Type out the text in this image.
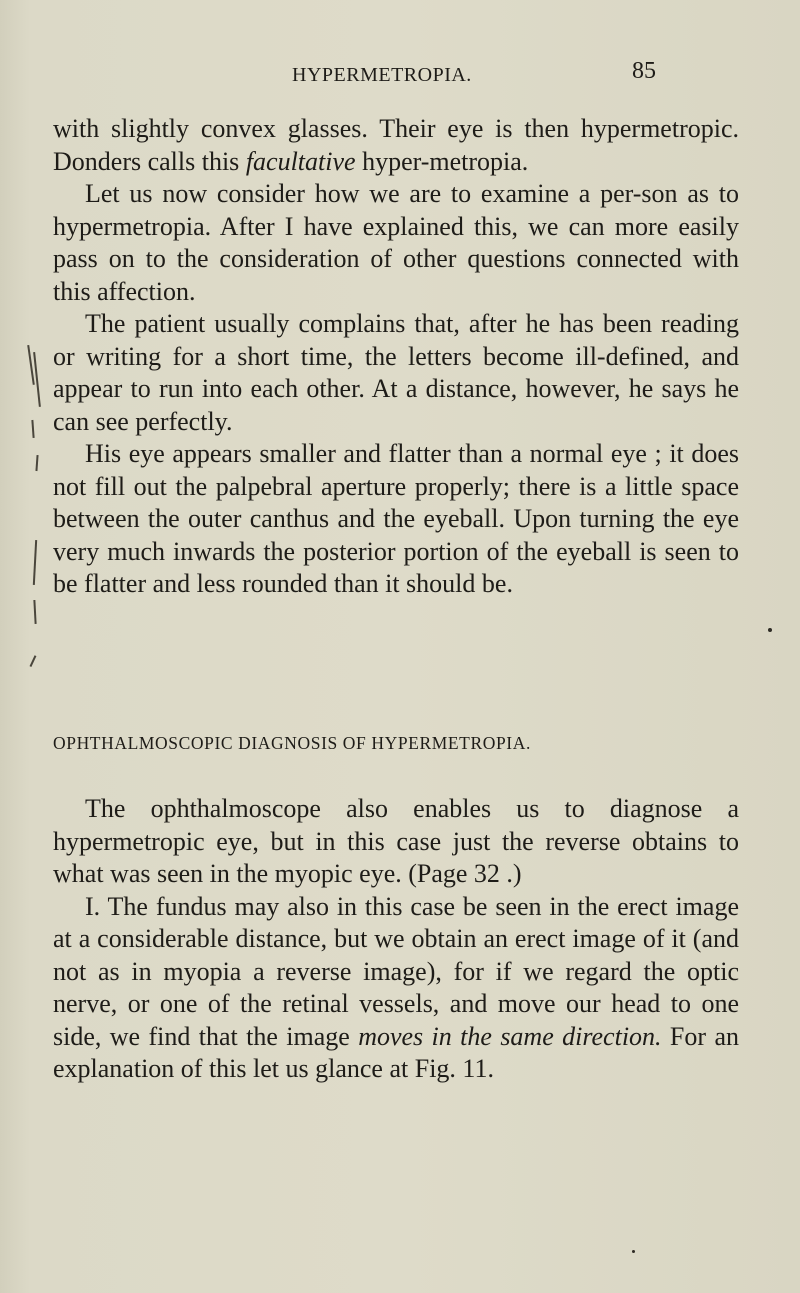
HYPERMETROPIA.	85

with slightly convex glasses. Their eye is then hypermetropic. Donders calls this facultative hyper-metropia.

Let us now consider how we are to examine a per-son as to hypermetropia. After I have explained this, we can more easily pass on to the consideration of other questions connected with this affection.

The patient usually complains that, after he has been reading or writing for a short time, the letters become ill-defined, and appear to run into each other. At a distance, however, he says he can see perfectly.

His eye appears smaller and flatter than a normal eye ; it does not fill out the palpebral aperture properly; there is a little space between the outer canthus and the eyeball. Upon turning the eye very much inwards the posterior portion of the eyeball is seen to be flatter and less rounded than it should be.

OPHTHALMOSCOPIC DIAGNOSIS OF HYPERMETROPIA.

The ophthalmoscope also enables us to diagnose a hypermetropic eye, but in this case just the reverse obtains to what was seen in the myopic eye. (Page 32 .)

I. The fundus may also in this case be seen in the erect image at a considerable distance, but we obtain an erect image of it (and not as in myopia a reverse image), for if we regard the optic nerve, or one of the retinal vessels, and move our head to one side, we find that the image moves in the same direction. For an explanation of this let us glance at Fig. 11.
